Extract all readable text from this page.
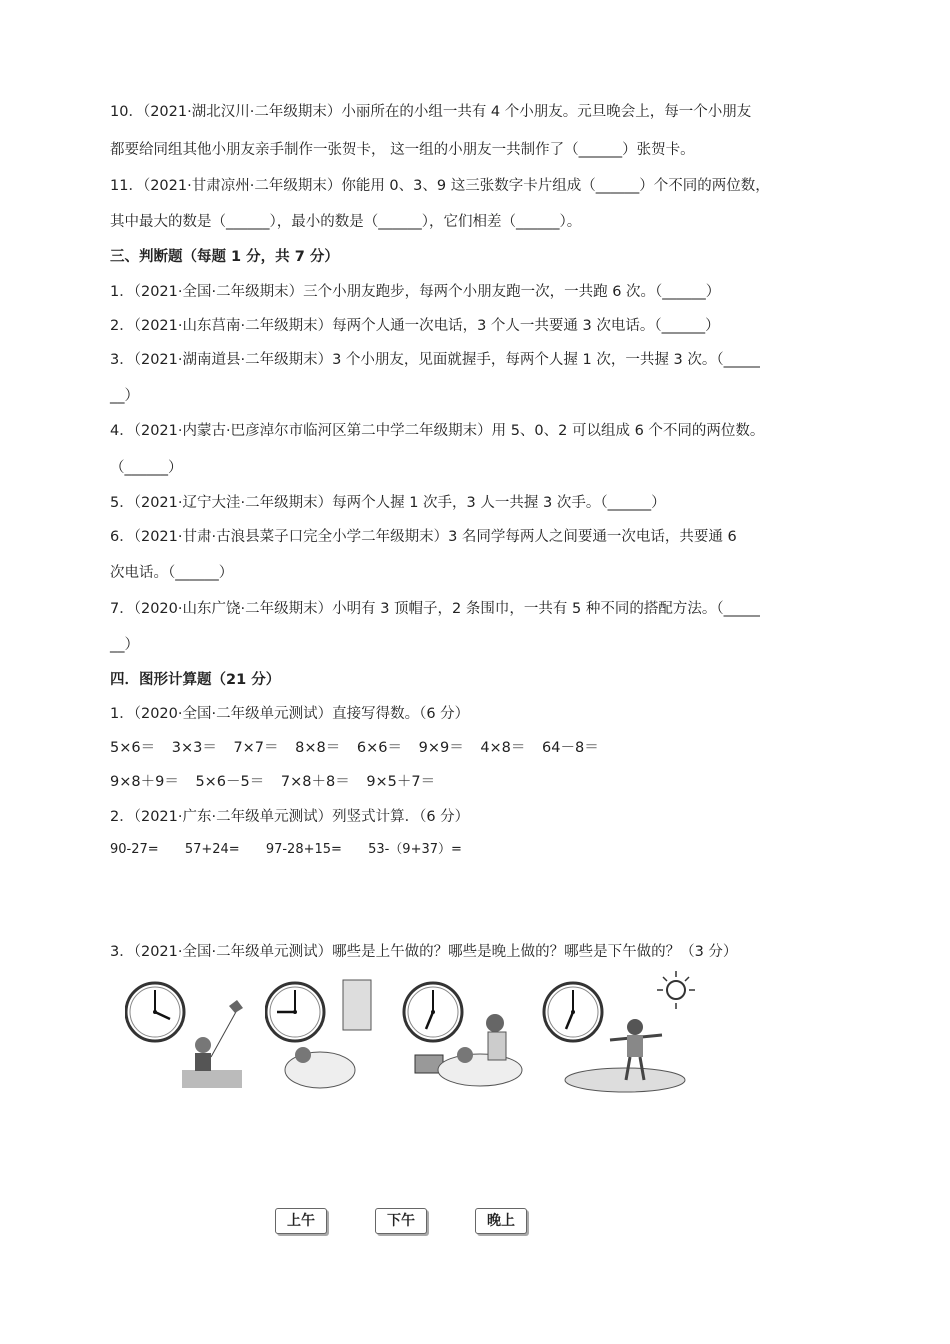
10．（2021·湖北汉川·二年级期末）小丽所在的小组一共有 4 个小朋友。元旦晚会上，每一个小朋友
都要给同组其他小朋友亲手制作一张贺卡， 这一组的小朋友一共制作了（______）张贺卡。
11．（2021·甘肃凉州·二年级期末）你能用 0、3、9 这三张数字卡片组成（______）个不同的两位数，
其中最大的数是（______），最小的数是（______），它们相差（______）。
三、判断题（每题 1 分，共 7 分）
1．（2021·全国·二年级期末）三个小朋友跑步，每两个小朋友跑一次，一共跑 6 次。（______）
2．（2021·山东莒南·二年级期末）每两个人通一次电话，3 个人一共要通 3 次电话。（______）
3．（2021·湖南道县·二年级期末）3 个小朋友，见面就握手，每两个人握 1 次，一共握 3 次。（_____
__）
4．（2021·内蒙古·巴彦淖尔市临河区第二中学二年级期末）用 5、0、2 可以组成 6 个不同的两位数。
（______）
5．（2021·辽宁大洼·二年级期末）每两个人握 1 次手，3 人一共握 3 次手。（______）
6．（2021·甘肃·古浪县菜子口完全小学二年级期末）3 名同学每两人之间要通一次电话，共要通 6
次电话。（______）
7．（2020·山东广饶·二年级期末）小明有 3 顶帽子，2 条围巾，一共有 5 种不同的搭配方法。（_____
__）
四．图形计算题（21 分）
1．（2020·全国·二年级单元测试）直接写得数。（6 分）
5×6＝ 3×3＝ 7×7＝ 8×8＝ 6×6＝ 9×9＝ 4×8＝ 64－8＝
9×8＋9＝ 5×6－5＝ 7×8＋8＝ 9×5＋7＝
2．（2021·广东·二年级单元测试）列竖式计算．（6 分）
90-27= 57+24= 97-28+15= 53-（9+37）=
3．（2021·全国·二年级单元测试）哪些是上午做的？哪些是晚上做的？哪些是下午做的？（3 分）
上午	下午	晚上
